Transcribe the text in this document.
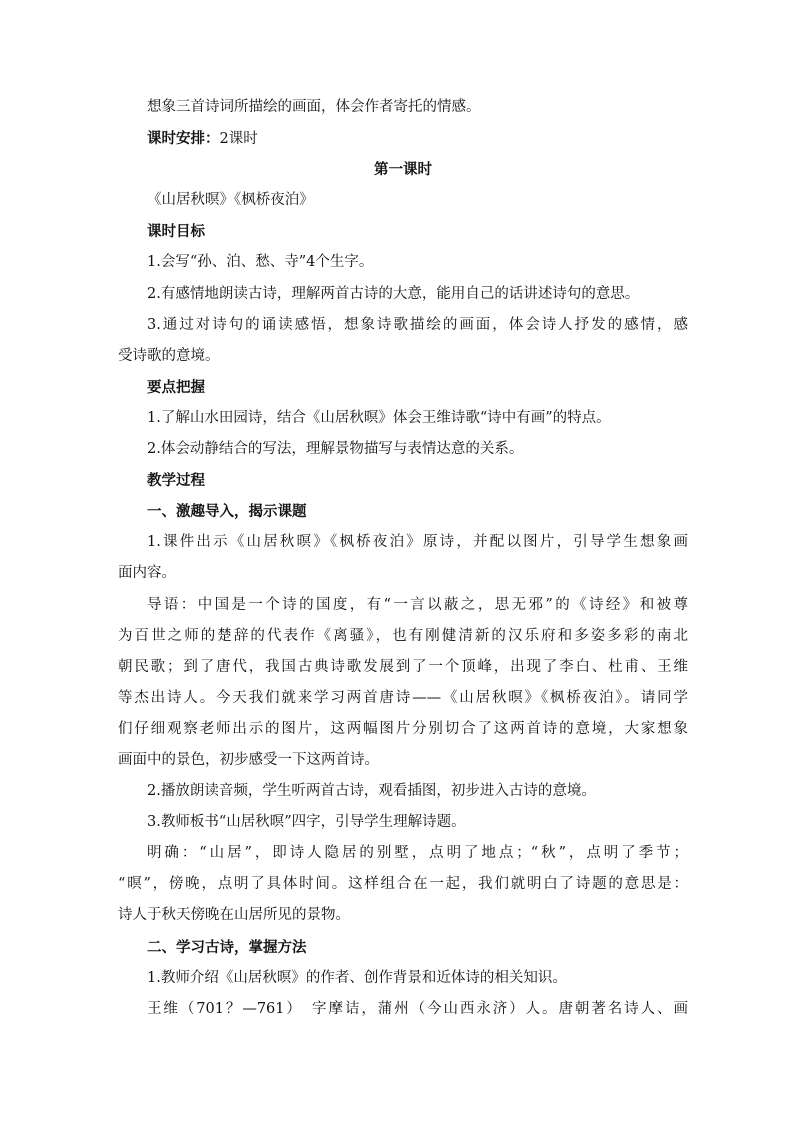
想象三首诗词所描绘的画面，体会作者寄托的情感。

课时安排：2课时

第一课时

《山居秋暝》《枫桥夜泊》

课时目标

1.会写“孙、泊、愁、寺”4个生字。

2.有感情地朗读古诗，理解两首古诗的大意，能用自己的话讲述诗句的意思。

3.通过对诗句的诵读感悟，想象诗歌描绘的画面，体会诗人抒发的感情，感

受诗歌的意境。

要点把握

1.了解山水田园诗，结合《山居秋暝》体会王维诗歌“诗中有画”的特点。

2.体会动静结合的写法，理解景物描写与表情达意的关系。

教学过程

一、激趣导入，揭示课题

1.课件出示《山居秋暝》《枫桥夜泊》原诗，并配以图片，引导学生想象画

面内容。

导语：中国是一个诗的国度，有“一言以蔽之，思无邪”的《诗经》和被尊

为百世之师的楚辞的代表作《离骚》，也有刚健清新的汉乐府和多姿多彩的南北

朝民歌；到了唐代，我国古典诗歌发展到了一个顶峰，出现了李白、杜甫、王维

等杰出诗人。今天我们就来学习两首唐诗——《山居秋暝》《枫桥夜泊》。请同学

们仔细观察老师出示的图片，这两幅图片分别切合了这两首诗的意境，大家想象

画面中的景色，初步感受一下这两首诗。

2.播放朗读音频，学生听两首古诗，观看插图，初步进入古诗的意境。

3.教师板书“山居秋暝”四字，引导学生理解诗题。

明确：“山居”，即诗人隐居的别墅，点明了地点；“秋”，点明了季节；

“暝”，傍晚，点明了具体时间。这样组合在一起，我们就明白了诗题的意思是：

诗人于秋天傍晚在山居所见的景物。

二、学习古诗，掌握方法

1.教师介绍《山居秋暝》的作者、创作背景和近体诗的相关知识。

王维（701？—761）　字摩诘，蒲州（今山西永济）人。唐朝著名诗人、画
